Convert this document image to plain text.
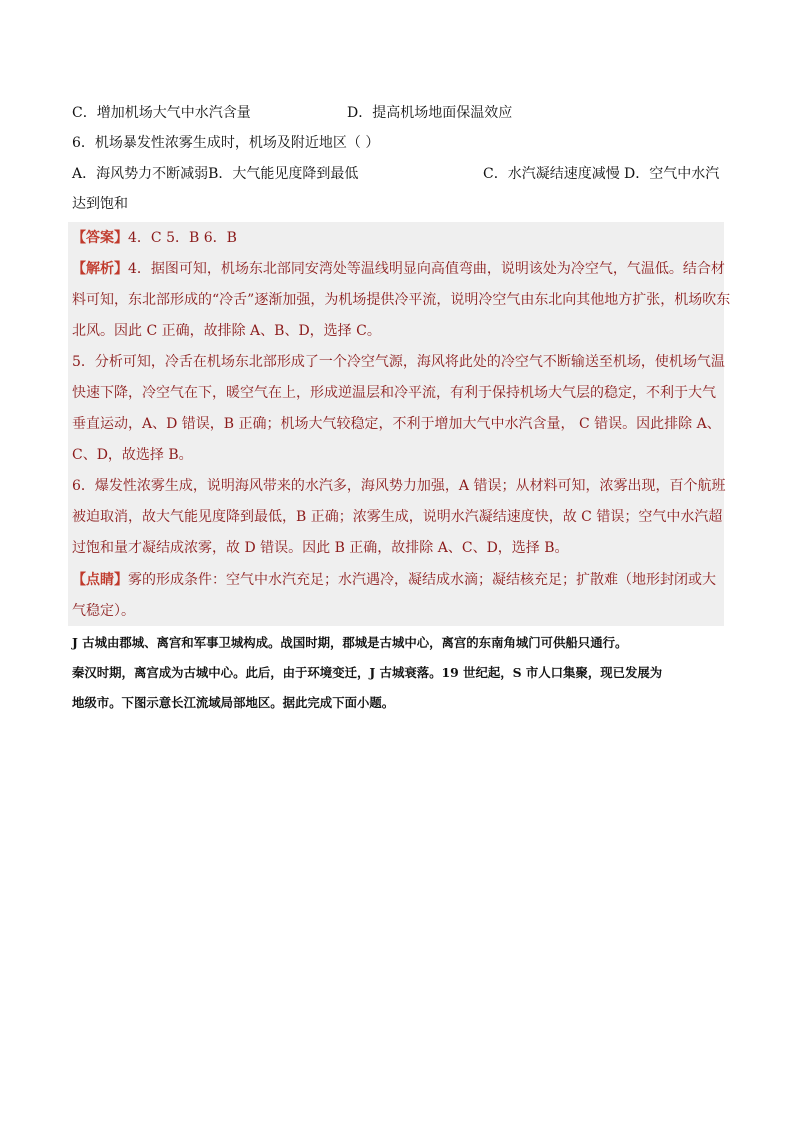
C．增加机场大气中水汽含量	D．提高机场地面保温效应
6．机场暴发性浓雾生成时，机场及附近地区（ ）
A．海风势力不断减弱B．大气能见度降到最低	C．水汽凝结速度减慢 D．空气中水汽
达到饱和
【答案】4．C 5．B 6．B
【解析】4．据图可知，机场东北部同安湾处等温线明显向高值弯曲，说明该处为冷空气，气温低。结合材
料可知，东北部形成的“冷舌”逐渐加强，为机场提供冷平流，说明冷空气由东北向其他地方扩张，机场吹东
北风。因此 C 正确，故排除 A、B、D，选择 C。
5．分析可知，冷舌在机场东北部形成了一个冷空气源，海风将此处的冷空气不断输送至机场，使机场气温
快速下降，冷空气在下，暖空气在上，形成逆温层和冷平流，有利于保持机场大气层的稳定，不利于大气
垂直运动，A、D 错误，B 正确；机场大气较稳定，不利于增加大气中水汽含量， C 错误。因此排除 A、
C、D，故选择 B。
6．爆发性浓雾生成，说明海风带来的水汽多，海风势力加强，A 错误；从材料可知，浓雾出现，百个航班
被迫取消，故大气能见度降到最低，B 正确；浓雾生成，说明水汽凝结速度快，故 C 错误；空气中水汽超
过饱和量才凝结成浓雾，故 D 错误。因此 B 正确，故排除 A、C、D，选择 B。
【点睛】雾的形成条件：空气中水汽充足；水汽遇冷，凝结成水滴；凝结核充足；扩散难（地形封闭或大
气稳定）。
J 古城由郡城、离宫和军事卫城构成。战国时期，郡城是古城中心，离宫的东南角城门可供船只通行。
秦汉时期，离宫成为古城中心。此后，由于环境变迁，J 古城衰落。19 世纪起，S 市人口集聚，现已发展为
地级市。下图示意长江流域局部地区。据此完成下面小题。
